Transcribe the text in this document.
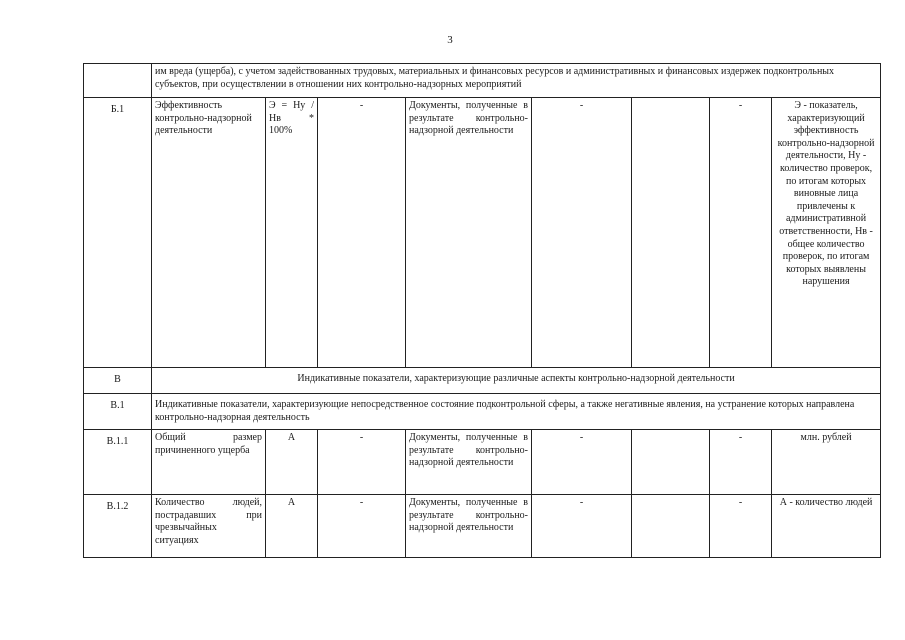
3
	им вреда (ущерба), с учетом задействованных трудовых, материальных и финансовых ресурсов и административных и финансовых издержек подконтрольных субъектов, при осуществлении в отношении них контрольно-надзорных мероприятий							
Б.1	Эффективность контрольно-надзорной деятельности	Э = Ну / Нв * 100%	-	Документы, полученные в результате контрольно-надзорной деятельности	-		-	Э - показатель, характеризующий эффективность контрольно-надзорной деятельности, Ну - количество проверок, по итогам которых виновные лица привлечены к административной ответственности, Нв - общее количество проверок, по итогам которых выявлены нарушения
В	Индикативные показатели, характеризующие различные аспекты контрольно-надзорной деятельности							
В.1	Индикативные показатели, характеризующие непосредственное состояние подконтрольной сферы, а также негативные явления, на устранение которых направлена контрольно-надзорная деятельность							
В.1.1	Общий размер причиненного ущерба	А	-	Документы, полученные в результате контрольно-надзорной деятельности	-		-	млн. рублей
В.1.2	Количество людей, пострадавших при чрезвычайных ситуациях	А	-	Документы, полученные в результате контрольно-надзорной деятельности	-		-	А - количество людей
